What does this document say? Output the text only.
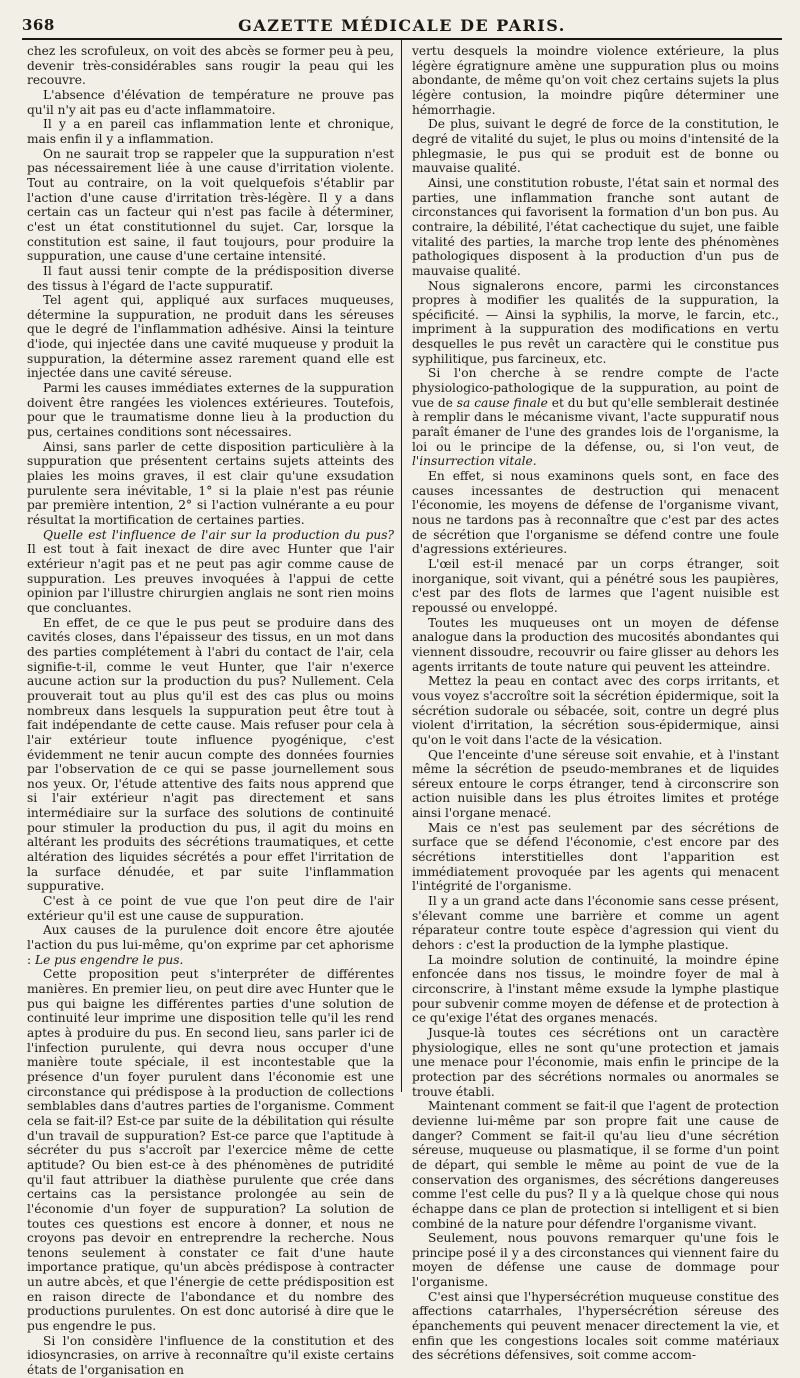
368	GAZETTE MÉDICALE DE PARIS.

chez les scrofuleux, on voit des abcès se former peu à peu, devenir très-considérables sans rougir la peau qui les recouvre.

L'absence d'élévation de température ne prouve pas qu'il n'y ait pas eu d'acte inflammatoire.

Il y a en pareil cas inflammation lente et chronique, mais enfin il y a inflammation.

On ne saurait trop se rappeler que la suppuration n'est pas nécessairement liée à une cause d'irritation violente. Tout au contraire, on la voit quelquefois s'établir par l'action d'une cause d'irritation très-légère. Il y a dans certain cas un facteur qui n'est pas facile à déterminer, c'est un état constitutionnel du sujet. Car, lorsque la constitution est saine, il faut toujours, pour produire la suppuration, une cause d'une certaine intensité.

Il faut aussi tenir compte de la prédisposition diverse des tissus à l'égard de l'acte suppuratif.

Tel agent qui, appliqué aux surfaces muqueuses, détermine la suppuration, ne produit dans les séreuses que le degré de l'inflammation adhésive. Ainsi la teinture d'iode, qui injectée dans une cavité muqueuse y produit la suppuration, la détermine assez rarement quand elle est injectée dans une cavité séreuse.

Parmi les causes immédiates externes de la suppuration doivent être rangées les violences extérieures. Toutefois, pour que le traumatisme donne lieu à la production du pus, certaines conditions sont nécessaires.

Ainsi, sans parler de cette disposition particulière à la suppuration que présentent certains sujets atteints des plaies les moins graves, il est clair qu'une exsudation purulente sera inévitable, 1° si la plaie n'est pas réunie par première intention, 2° si l'action vulnérante a eu pour résultat la mortification de certaines parties.

Quelle est l'influence de l'air sur la production du pus? Il est tout à fait inexact de dire avec Hunter que l'air extérieur n'agit pas et ne peut pas agir comme cause de suppuration. Les preuves invoquées à l'appui de cette opinion par l'illustre chirurgien anglais ne sont rien moins que concluantes.

En effet, de ce que le pus peut se produire dans des cavités closes, dans l'épaisseur des tissus, en un mot dans des parties complétement à l'abri du contact de l'air, cela signifie-t-il, comme le veut Hunter, que l'air n'exerce aucune action sur la production du pus? Nullement. Cela prouverait tout au plus qu'il est des cas plus ou moins nombreux dans lesquels la suppuration peut être tout à fait indépendante de cette cause. Mais refuser pour cela à l'air extérieur toute influence pyogénique, c'est évidemment ne tenir aucun compte des données fournies par l'observation de ce qui se passe journellement sous nos yeux. Or, l'étude attentive des faits nous apprend que si l'air extérieur n'agit pas directement et sans intermédiaire sur la surface des solutions de continuité pour stimuler la production du pus, il agit du moins en altérant les produits des sécrétions traumatiques, et cette altération des liquides sécrétés a pour effet l'irritation de la surface dénudée, et par suite l'inflammation suppurative.

C'est à ce point de vue que l'on peut dire de l'air extérieur qu'il est une cause de suppuration.

Aux causes de la purulence doit encore être ajoutée l'action du pus lui-même, qu'on exprime par cet aphorisme : Le pus engendre le pus.

Cette proposition peut s'interpréter de différentes manières. En premier lieu, on peut dire avec Hunter que le pus qui baigne les différentes parties d'une solution de continuité leur imprime une disposition telle qu'il les rend aptes à produire du pus. En second lieu, sans parler ici de l'infection purulente, qui devra nous occuper d'une manière toute spéciale, il est incontestable que la présence d'un foyer purulent dans l'économie est une circonstance qui prédispose à la production de collections semblables dans d'autres parties de l'organisme. Comment cela se fait-il? Est-ce par suite de la débilitation qui résulte d'un travail de suppuration? Est-ce parce que l'aptitude à sécréter du pus s'accroît par l'exercice même de cette aptitude? Ou bien est-ce à des phénomènes de putridité qu'il faut attribuer la diathèse purulente que crée dans certains cas la persistance prolongée au sein de l'économie d'un foyer de suppuration? La solution de toutes ces questions est encore à donner, et nous ne croyons pas devoir en entreprendre la recherche. Nous tenons seulement à constater ce fait d'une haute importance pratique, qu'un abcès prédispose à contracter un autre abcès, et que l'énergie de cette prédisposition est en raison directe de l'abondance et du nombre des productions purulentes. On est donc autorisé à dire que le pus engendre le pus.

Si l'on considère l'influence de la constitution et des idiosyncrasies, on arrive à reconnaître qu'il existe certains états de l'organisation en

vertu desquels la moindre violence extérieure, la plus légère égratignure amène une suppuration plus ou moins abondante, de même qu'on voit chez certains sujets la plus légère contusion, la moindre piqûre déterminer une hémorrhagie.

De plus, suivant le degré de force de la constitution, le degré de vitalité du sujet, le plus ou moins d'intensité de la phlegmasie, le pus qui se produit est de bonne ou mauvaise qualité.

Ainsi, une constitution robuste, l'état sain et normal des parties, une inflammation franche sont autant de circonstances qui favorisent la formation d'un bon pus. Au contraire, la débilité, l'état cachectique du sujet, une faible vitalité des parties, la marche trop lente des phénomènes pathologiques disposent à la production d'un pus de mauvaise qualité.

Nous signalerons encore, parmi les circonstances propres à modifier les qualités de la suppuration, la spécificité. — Ainsi la syphilis, la morve, le farcin, etc., impriment à la suppuration des modifications en vertu desquelles le pus revêt un caractère qui le constitue pus syphilitique, pus farcineux, etc.

Si l'on cherche à se rendre compte de l'acte physiologico-pathologique de la suppuration, au point de vue de sa cause finale et du but qu'elle semblerait destinée à remplir dans le mécanisme vivant, l'acte suppuratif nous paraît émaner de l'une des grandes lois de l'organisme, la loi ou le principe de la défense, ou, si l'on veut, de l'insurrection vitale.

En effet, si nous examinons quels sont, en face des causes incessantes de destruction qui menacent l'économie, les moyens de défense de l'organisme vivant, nous ne tardons pas à reconnaître que c'est par des actes de sécrétion que l'organisme se défend contre une foule d'agressions extérieures.

L'œil est-il menacé par un corps étranger, soit inorganique, soit vivant, qui a pénétré sous les paupières, c'est par des flots de larmes que l'agent nuisible est repoussé ou enveloppé.

Toutes les muqueuses ont un moyen de défense analogue dans la production des mucosités abondantes qui viennent dissoudre, recouvrir ou faire glisser au dehors les agents irritants de toute nature qui peuvent les atteindre.

Mettez la peau en contact avec des corps irritants, et vous voyez s'accroître soit la sécrétion épidermique, soit la sécrétion sudorale ou sébacée, soit, contre un degré plus violent d'irritation, la sécrétion sous-épidermique, ainsi qu'on le voit dans l'acte de la vésication.

Que l'enceinte d'une séreuse soit envahie, et à l'instant même la sécrétion de pseudo-membranes et de liquides séreux entoure le corps étranger, tend à circonscrire son action nuisible dans les plus étroites limites et protége ainsi l'organe menacé.

Mais ce n'est pas seulement par des sécrétions de surface que se défend l'économie, c'est encore par des sécrétions interstitielles dont l'apparition est immédiatement provoquée par les agents qui menacent l'intégrité de l'organisme.

Il y a un grand acte dans l'économie sans cesse présent, s'élevant comme une barrière et comme un agent réparateur contre toute espèce d'agression qui vient du dehors : c'est la production de la lymphe plastique.

La moindre solution de continuité, la moindre épine enfoncée dans nos tissus, le moindre foyer de mal à circonscrire, à l'instant même exsude la lymphe plastique pour subvenir comme moyen de défense et de protection à ce qu'exige l'état des organes menacés.

Jusque-là toutes ces sécrétions ont un caractère physiologique, elles ne sont qu'une protection et jamais une menace pour l'économie, mais enfin le principe de la protection par des sécrétions normales ou anormales se trouve établi.

Maintenant comment se fait-il que l'agent de protection devienne lui-même par son propre fait une cause de danger? Comment se fait-il qu'au lieu d'une sécrétion séreuse, muqueuse ou plasmatique, il se forme d'un point de départ, qui semble le même au point de vue de la conservation des organismes, des sécrétions dangereuses comme l'est celle du pus? Il y a là quelque chose qui nous échappe dans ce plan de protection si intelligent et si bien combiné de la nature pour défendre l'organisme vivant.

Seulement, nous pouvons remarquer qu'une fois le principe posé il y a des circonstances qui viennent faire du moyen de défense une cause de dommage pour l'organisme.

C'est ainsi que l'hypersécrétion muqueuse constitue des affections catarrhales, l'hypersécrétion séreuse des épanchements qui peuvent menacer directement la vie, et enfin que les congestions locales soit comme matériaux des sécrétions défensives, soit comme accom-
